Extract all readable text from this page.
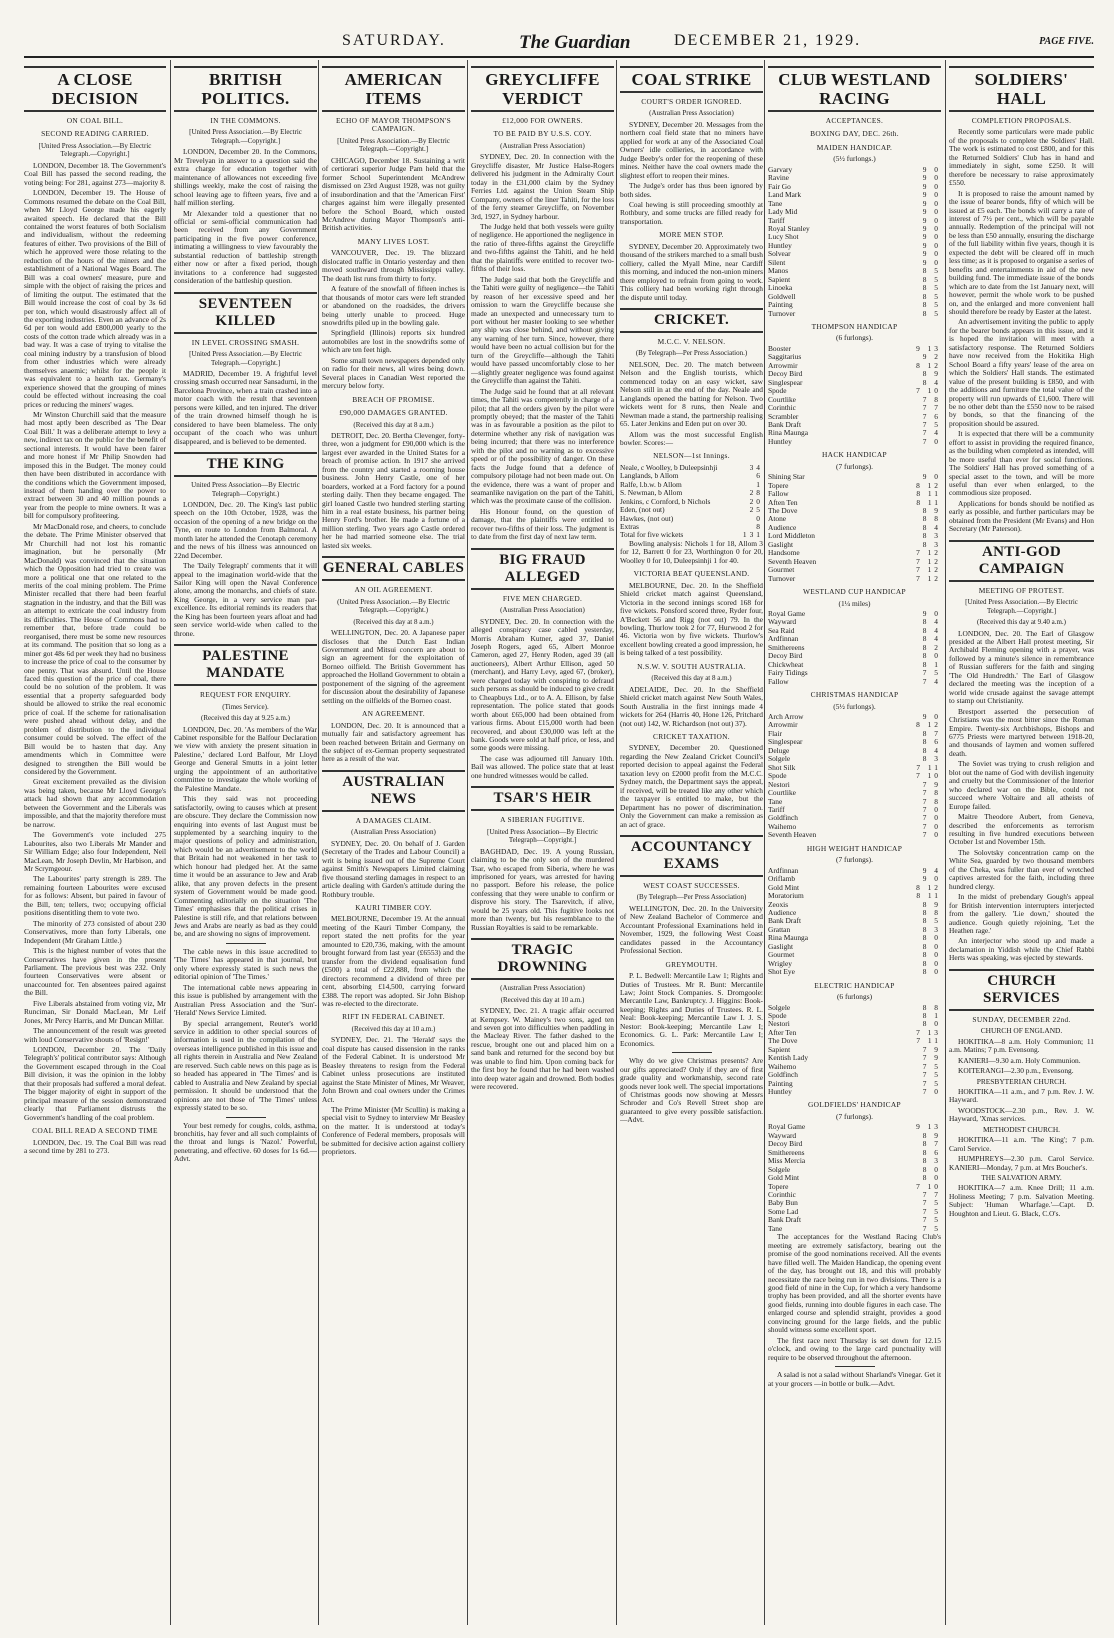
SATURDAY.	The Guardian	DECEMBER 21, 1929.	PAGE FIVE.
A CLOSE DECISION
ON COAL BILL.
SECOND READING CARRIED.
[United Press Association.—By Electric Telegraph.—Copyright.]

LONDON, December 18. The Government's Coal Bill has passed the second reading, the voting being: For 281, against 273—majority 8.

LONDON, December 19. The House of Commons resumed the debate on the Coal Bill, when Mr Lloyd George made his eagerly awaited speech. He declared that the Bill contained the worst features of both Socialism and individualism, without the redeeming features of either. Two provisions of the Bill of which he approved were those relating to the reduction of the hours of the miners and the establishment of a National Wages Board. The Bill was a coal owners' measure, pure and simple with the object of raising the prices and of limiting the output. The estimated that the Bill would increase the cost of coal by 3s 6d per ton, which would disastrously affect all of the exporting industries. Even an advance of 2s 6d per ton would add £800,000 yearly to the costs of the cotton trade which already was in a bad way. It was a case of trying to vitalise the coal mining industry by a transfusion of blood from other industries which were already themselves anaemic; whilst for the people it was equivalent to a hearth tax. Germany's experience showed that the grouping of mines could be effected without increasing the coal prices or reducing the miners' wages.

Mr Winston Churchill said that the measure had most aptly been described as 'The Dear Coal Bill.' It was a deliberate attempt to levy a new, indirect tax on the public for the benefit of sectional interests. It would have been fairer and more honest if Mr Philip Snowden had imposed this in the Budget. The money could then have been distributed in accordance with the conditions which the Government imposed, instead of them handing over the power to extract between 30 and 40 million pounds a year from the people to mine owners. It was a bill for compulsory profiteering.

Mr MacDonald rose, and cheers, to conclude the debate. The Prime Minister observed that Mr Churchill had not lost his romantic imagination, but he personally (Mr MacDonald) was convinced that the situation which the Opposition had tried to create was more a political one that one related to the merits of the coal mining problem. The Prime Minister recalled that there had been fearful stagnation in the industry, and that the Bill was an attempt to extricate the coal industry from its difficulties. The House of Commons had to remember that, before trade could be reorganised, there must be some new resources at its command. The position that so long as a miner got 48s 6d per week they had no business to increase the price of coal to the consumer by one penny. That was absurd. Until the House faced this question of the price of coal, there could be no solution of the problem. It was essential that a property safeguarded body should be allowed to strike the real economic price of coal. If the scheme for rationalisation were pushed ahead without delay, and the problem of distribution to the individual consumer could be solved. The effect of the Bill would be to hasten that day. Any amendments which in Committee were designed to strengthen the Bill would be considered by the Government.

Great excitement prevailed as the division was being taken, because Mr Lloyd George's attack had shown that any accommodation between the Government and the Liberals was impossible, and that the majority therefore must be narrow.

The Government's vote included 275 Labourites, also two Liberals Mr Mander and Sir William Edge; also four Independent, Neil MacLean, Mr Joseph Devlin, Mr Harbison, and Mr Scrymgeour.

The Labourites' party strength is 289. The remaining fourteen Labourites were excused for as follows: Absent, but paired in favour of the Bill, ten; tellers, two; occupying official positions disentitling them to vote two.

The minority of 273 consisted of about 230 Conservatives, more than forty Liberals, one Independent (Mr Graham Little.)

This is the highest number of votes that the Conservatives have given in the present Parliament. The previous best was 232. Only fourteen Conservatives were absent or unaccounted for. Ten absentees paired against the Bill.

Five Liberals abstained from voting viz, Mr Runciman, Sir Donald MacLean, Mr Leif Jones, Mr Percy Harris, and Mr Duncan Millar.

The announcement of the result was greeted with loud Conservative shouts of 'Resign!'

LONDON, December 20. The 'Daily Telegraph's' political contributor says: Although the Government escaped through in the Coal Bill division, it was the opinion in the lobby that their proposals had suffered a moral defeat. The bigger majority of eight in support of the principal measure of the session demonstrated clearly that Parliament distrusts the Government's handling of the coal problem.

COAL BILL READ A SECOND TIME

LONDON, Dec. 19. The Coal Bill was read a second time by 281 to 273.

BRITISH POLITICS.
IN THE COMMONS.
[United Press Association.—By Electric Telegraph.—Copyright.]

LONDON, December 20. In the Commons, Mr Trevelyan in answer to a question said the extra charge for education together with maintenance of allowances not exceeding five shillings weekly, make the cost of raising the school leaving age to fifteen years, five and a half million sterling.

Mr Alexander told a questioner that no official or semi-official communication had been received from any Government participating in the five power conference, intimating a willingness to view favourably the substantial reduction of battleship strength either now or after a fixed period, though invitations to a conference had suggested consideration of the battleship question.

SEVENTEEN KILLED
IN LEVEL CROSSING SMASH.
[United Press Association.—By Electric Telegraph.—Copyright.]

MADRID, December 19. A frightful level crossing smash occurred near Sansadurni, in the Barcelona Province, when a train crashed into a motor coach with the result that seventeen persons were killed, and ten injured. The driver of the train drowned himself though he is considered to have been blameless. The only occupant of the coach who was unhurt disappeared, and is believed to be demented.

THE KING
United Press Association—By Electric Telegraph—Copyright.)

LONDON, Dec. 20. The King's last public speech on the 10th October, 1928, was the occasion of the opening of a new bridge on the Tyne, en route to London from Balmoral. A month later he attended the Cenotaph ceremony and the news of his illness was announced on 22nd December.

The 'Daily Telegraph' comments that it will appeal to the imagination world-wide that the Sailor King will open the Naval Conference alone, among the monarchs, and chiefs of state. King George, in a very service man par-excellence. Its editorial reminds its readers that the King has been fourteen years afloat and had seen service world-wide when called to the throne.

PALESTINE MANDATE
REQUEST FOR ENQUIRY.
(Times Service).
(Received this day at 9.25 a.m.)

LONDON, Dec. 20. 'As members of the War Cabinet responsible for the Balfour Declaration we view with anxiety the present situation in Palestine,' declared Lord Balfour, Mr Lloyd George and General Smutts in a joint letter urging the appointment of an authoritative committee to investigate the whole working of the Palestine Mandate.

This they said was not proceeding satisfactorily, owing to causes which at present are obscure. They declare the Commission now enquiring into events of last August must be supplemented by a searching inquiry to the major questions of policy and administration, which would be an advertisement to the world that Britain had not weakened in her task to which honour had pledged her. At the same time it would be an assurance to Jew and Arab alike, that any proven defects in the present system of Government would be made good. Commenting editorially on the situation 'The Times' emphasises that the political crises in Palestine is still rife, and that relations between Jews and Arabs are nearly as bad as they could be, and are showing no signs of improvement.

The cable news in this issue accredited to 'The Times' has appeared in that journal, but only where expressly stated is such news the editorial opinion of 'The Times.'

The international cable news appearing in this issue is published by arrangement with the Australian Press Association and the 'Sun'-'Herald' News Service Limited.

By special arrangement, Reuter's world service in addition to other special sources of information is used in the compilation of the overseas intelligence published in this issue and all rights therein in Australia and New Zealand are reserved. Such cable news on this page as is so headed has appeared in 'The Times' and is cabled to Australia and New Zealand by special permission. It should be understood that the opinions are not those of 'The Times' unless expressly stated to be so.

Your best remedy for coughs, colds, asthma, bronchitis, hay fever and all such complaints of the throat and lungs is 'Nazol.' Powerful, penetrating, and effective. 60 doses for 1s 6d.—Advt.

AMERICAN ITEMS
ECHO OF MAYOR THOMPSON'S CAMPAIGN.
[United Press Association.—By Electric Telegraph.—Copyright.]

CHICAGO, December 18. Sustaining a writ of certiorari superior Judge Pam held that the former School Superintendent McAndrew dismissed on 23rd August 1928, was not guilty of insubordination and that the 'American First' charges against him were illegally presented before the School Board, which ousted McAndrew during Mayor Thompson's anti-British activities.

MANY LIVES LOST.

VANCOUVER, Dec. 19. The blizzard dislocated traffic in Ontario yesterday and then moved southward through Mississippi valley. The death list runs from thirty to forty.

A feature of the snowfall of fifteen inches is that thousands of motor cars were left stranded or abandoned on the roadsides, the drivers being utterly unable to proceed. Huge snowdrifts piled up in the bowling gale.

Springfield (Illinois) reports six hundred automobiles are lost in the snowdrifts some of which are ten feet high.

Some small town newspapers depended only on radio for their news, all wires being down. Several places in Canadian West reported the mercury below forty.

BREACH OF PROMISE.
£90,000 DAMAGES GRANTED.
(Received this day at 8 a.m.)

DETROIT, Dec. 20. Bertha Clevenger, forty-three, won a judgment for £90,000 which is the largest ever awarded in the United States for a breach of promise action. In 1917 she arrived from the country and started a rooming house business. John Henry Castle, one of her boarders, worked at a Ford factory for a pound sterling daily. Then they became engaged. The girl loaned Castle two hundred sterling starting him in a real estate business, his partner being Henry Ford's brother. He made a fortune of a million sterling. Two years ago Castle ordered her he had married someone else. The trial lasted six weeks.

GENERAL CABLES
AN OIL AGREEMENT.
(United Press Association.—By Electric Telegraph.—Copyright.)
(Received this day at 8 a.m.)

WELLINGTON, Dec. 20. A Japanese paper discloses that the Dutch East Indian Government and Mitsui concern are about to sign an agreement for the exploitation of Borneo oilfield. The British Government has approached the Holland Government to obtain a postponement of the signing of the agreement for discussion about the desirability of Japanese settling on the oilfields of the Borneo coast.

AN AGREEMENT.

LONDON, Dec. 20. It is announced that a mutually fair and satisfactory agreement has been reached between Britain and Germany on the subject of ex-German property sequestrated here as a result of the war.

AUSTRALIAN NEWS
A DAMAGES CLAIM.
(Australian Press Association)

SYDNEY, Dec. 20. On behalf of J. Garden (Secretary of the Trades and Labour Council) a writ is being issued out of the Supreme Court against Smith's Newspapers Limited claiming five thousand sterling damages in respect to an article dealing with Garden's attitude during the Rothbury trouble.

KAURI TIMBER COY.

MELBOURNE, December 19. At the annual meeting of the Kauri Timber Company, the report stated the nett profits for the year amounted to £20,736, making, with the amount brought forward from last year (£6553) and the transfer from the dividend equalisation fund (£500) a total of £22,888, from which the directors recommend a dividend of three per cent, absorbing £14,500, carrying forward £388. The report was adopted. Sir John Bishop was re-elected to the directorate.

RIFT IN FEDERAL CABINET.
(Received this day at 10 a.m.)

SYDNEY, Dec. 21. The 'Herald' says the coal dispute has caused dissension in the ranks of the Federal Cabinet. It is understood Mr Beasley threatens to resign from the Federal Cabinet unless prosecutions are instituted against the State Minister of Mines, Mr Weaver, John Brown and coal owners under the Crimes Act.

The Prime Minister (Mr Scullin) is making a special visit to Sydney to interview Mr Beasley on the matter. It is understood at today's Conference of Federal members, proposals will be submitted for decisive action against colliery proprietors.

GREYCLIFFE VERDICT
£12,000 FOR OWNERS.
TO BE PAID BY U.S.S. COY.
(Australian Press Association)

SYDNEY, Dec. 20. In connection with the Greycliffe disaster, Mr Justice Halse-Rogers delivered his judgment in the Admiralty Court today in the £31,000 claim by the Sydney Ferries Ltd. against the Union Steam Ship Company, owners of the liner Tahiti, for the loss of the ferry steamer Greycliffe, on November 3rd, 1927, in Sydney harbour.

The Judge held that both vessels were guilty of negligence. He apportioned the negligence in the ratio of three-fifths against the Greycliffe and two-fifths against the Tahiti, and he held that the plaintiffs were entitled to recover two-fifths of their loss.

The Judge said that both the Greycliffe and the Tahiti were guilty of negligence—the Tahiti by reason of her excessive speed and her omission to warn the Greycliffe because she made an unexpected and unnecessary turn to port without her master looking to see whether any ship was close behind, and without giving any warning of her turn. Since, however, there would have been no actual collision but for the turn of the Greycliffe—although the Tahiti would have passed uncomfortably close to her—slightly greater negligence was found against the Greycliffe than against the Tahiti.

The Judge said he found that at all relevant times, the Tahiti was competently in charge of a pilot; that all the orders given by the pilot were promptly obeyed; that the master of the Tahiti was in as favourable a position as the pilot to determine whether any risk of navigation was being incurred; that there was no interference with the pilot and no warning as to excessive speed or of the possibility of danger. On these facts the Judge found that a defence of compulsory pilotage had not been made out. On the evidence, there was a want of proper and seamanlike navigation on the part of the Tahiti, which was the proximate cause of the collision.

His Honour found, on the question of damage, that the plaintiffs were entitled to recover two-fifths of their loss. The judgment is to date from the first day of next law term.

BIG FRAUD ALLEGED
FIVE MEN CHARGED.
(Australian Press Association)

SYDNEY, Dec. 20. In connection with the alleged conspiracy case cabled yesterday, Morris Abraham Kutner, aged 37, Daniel Joseph Rogers, aged 65, Albert Monroe Cameron, aged 27, Henry Roden, aged 39 (all auctioneers), Albert Arthur Ellison, aged 50 (merchant), and Harry Levy, aged 67, (broker), were charged today with conspiring to defraud such persons as should be induced to give credit to Cheapbuys Ltd., or to A. A. Ellison, by false representation. The police stated that goods worth about £65,000 had been obtained from various firms. About £15,000 worth had been recovered, and about £30,000 was left at the bank. Goods were sold at half price, or less, and some goods were missing.

The case was adjourned till January 10th. Bail was allowed. The police state that at least one hundred witnesses would be called.

TSAR'S HEIR
A SIBERIAN FUGITIVE.
[United Press Association—By Electric Telegraph—Copyright.]

BAGHDAD, Dec. 19. A young Russian, claiming to be the only son of the murdered Tsar, who escaped from Siberia, where he was imprisoned for years, was arrested for having no passport. Before his release, the police confessing that they were unable to confirm or disprove his story. The Tsarevitch, if alive, would be 25 years old. This fugitive looks not more than twenty, but his resemblance to the Russian Royalties is said to be remarkable.

TRAGIC DROWNING
(Australian Press Association)
(Received this day at 10 a.m.)

SYDNEY, Dec. 21. A tragic affair occurred at Kempsey. W. Mainey's two sons, aged ten and seven got into difficulties when paddling in the Macleay River. The father dashed to the rescue, brought one out and placed him on a sand bank and returned for the second boy but was unable to find him. Upon coming back for the first boy he found that he had been washed into deep water again and drowned. Both bodies were recovered.

COAL STRIKE
COURT'S ORDER IGNORED.
(Australian Press Association)

SYDNEY, December 20. Messages from the northern coal field state that no miners have applied for work at any of the Associated Coal Owners' idle collieries, in accordance with Judge Beeby's order for the reopening of these mines. Neither have the coal owners made the slightest effort to reopen their mines.

The Judge's order has thus been ignored by both sides.

Coal hewing is still proceeding smoothly at Rothbury, and some trucks are filled ready for transportation.

MORE MEN STOP.

SYDNEY, December 20. Approximately two thousand of the strikers marched to a small bush colliery, called the Myall Mine, near Cardiff this morning, and induced the non-union miners there employed to refrain from going to work. This colliery had been working right through the dispute until today.

CRICKET.
M.C.C. V. NELSON.
(By Telegraph—Per Press Association.)

NELSON, Dec. 20. The match between Nelson and the English tourists, which commenced today on an easy wicket, saw Nelson still in at the end of the day. Neale and Langlands opened the batting for Nelson. Two wickets went for 8 runs, then Neale and Newman made a stand, the partnership realising 65. Later Jenkins and Eden put on over 30.

Allom was the most successful English bowler. Scores:—

NELSON—1st Innings.
Neale, c Woolley, b Duleepsinhji	34
Langlands, b Allom	6
Ralfe, l.b.w. b Allom	1
S. Newman, b Allom	28
Jenkins, c Cornford, b Nichols	20
Eden, (not out)	25
Hawkes, (not out)	0
Extras	8
Total for five wickets	131

Bowling analysis: Nichols 1 for 18, Allom 3 for 12, Barrett 0 for 23, Worthington 0 for 20, Woolley 0 for 10, Duleepsinhji 1 for 40.

VICTORIA BEAT QUEENSLAND.

MELBOURNE, Dec. 20. In the Sheffield Shield cricket match against Queensland, Victoria in the second innings scored 168 for five wickets. Ponsford scored three, Ryder four, A'Beckett 56 and Rigg (not out) 79. In the bowling, Thurlow took 2 for 77, Hurwood 2 for 46. Victoria won by five wickets. Thurlow's excellent bowling created a good impression, he is being talked of a test possibility.

N.S.W. V. SOUTH AUSTRALIA.
(Received this day at 8 a.m.)

ADELAIDE, Dec. 20. In the Sheffield Shield cricket match against New South Wales, South Australia in the first innings made 4 wickets for 264 (Harris 40, Hone 126, Pritchard (not out) 142, W. Richardson (not out) 37).

CRICKET TAXATION.

SYDNEY, December 20. Questioned regarding the New Zealand Cricket Council's reported decision to appeal against the Federal taxation levy on £2000 profit from the M.C.C. Sydney match, the Department says the appeal, if received, will be treated like any other which the taxpayer is entitled to make, but the Department has no power of discrimination. Only the Government can make a remission as an act of grace.

ACCOUNTANCY EXAMS
WEST COAST SUCCESSES.
(By Telegraph—Per Press Association)

WELLINGTON, Dec. 20. In the University of New Zealand Bachelor of Commerce and Accountant Professional Examinations held in November, 1929, the following West Coast candidates passed in the Accountancy Professional Section.

GREYMOUTH.

P. L. Bedwell: Mercantile Law 1; Rights and Duties of Trustees. Mr R. Bunt: Mercantile Law; Joint Stock Companies. S. Dromgoole: Mercantile Law, Bankruptcy. J. Higgins: Book-keeping; Rights and Duties of Trustees. R. L. Neal: Book-keeping; Mercantile Law I. J. S. Nestor: Book-keeping; Mercantile Law I; Economics. G. L. Park: Mercantile Law I; Economics.

Why do we give Christmas presents? Are our gifts appreciated? Only if they are of first grade quality and workmanship, second rate goods never look well. The special importations of Christmas goods now showing at Messrs Schroder and Co's Revell Street shop are guaranteed to give every possible satisfaction.—Advt.

CLUB WESTLAND RACING
ACCEPTANCES.
BOXING DAY, DEC. 26th.
MAIDEN HANDICAP.
(5½ furlongs.)
Garvary	9 0
Ravine	9 0
Fair Go	9 0
Land Mark	9 0
Tane	9 0
Lady Mid	9 0
Tariff	9 0
Royal Stanley	9 0
Lucy Shot	9 0
Huntley	9 0
Solvear	9 0
Silent	9 0
Manos	8 5
Sapient	8 5
Linoeka	8 5
Goldwell	8 5
Painting	8 5
Turnover	8 5
THOMPSON HANDICAP
(6 furlongs).
Booster	9 13
Saggitarius	9 2
Arrowmir	8 12
Decoy Bird	8 9
Singlespear	8 4
Spode	7 10
Courtlike	7 8
Corinthic	7 7
Scrambler	7 6
Bank Draft	7 5
Rina Maunga	7 4
Huntley	7 0
HACK HANDICAP
(7 furlongs).
Shining Star	9 0
Topere	8 12
Fallow	8 11
Aften Ten	8 11
The Dove	8 9
Atone	8 8
Audience	8 4
Lord Middleton	8 3
Gaslight	8 3
Handsome	7 12
Seventh Heaven	7 12
Gourmet	7 12
Turnover	7 12
WESTLAND CUP HANDICAP
(1¼ miles)
Royal Game	9 0
Wayward	8 4
Sea Raid	8 4
Ardfinnan	8 4
Smithereens	8 2
Decoy Bird	8 0
Chickwheat	8 1
Fairy Tidings	7 5
Fallow	7 4
CHRISTMAS HANDICAP
(5½ furlongs).
Arch Arrow	9 0
Arrowmir	8 12
Flair	8 7
Singlespear	8 6
Deluge	8 4
Solgele	8 3
Shot Silk	7 11
Spode	7 10
Nestori	7 9
Courtlike	7 8
Tane	7 8
Tariff	7 0
Goldfinch	7 0
Waihemo	7 0
Seventh Heaven	7 0
HIGH WEIGHT HANDICAP
(7 furlongs).
Ardfinnan	9 4
Oriflamb	9 0
Gold Mint	8 12
Moratorium	8 11
Zeoxis	8 9
Audience	8 8
Bank Draft	8 5
Grattan	8 3
Rina Maunga	8 0
Gaslight	8 0
Gourmet	8 0
Wrigley	8 0
Shot Eye	8 0
ELECTRIC HANDICAP
(6 furlongs)
Solgele	8 8
Spode	8 1
Nestori	8 0
After Ten	7 13
The Dove	7 11
Sapient	7 9
Kentish Lady	7 9
Waihemo	7 5
Goldfinch	7 5
Painting	7 5
Huntley	7 0
GOLDFIELDS' HANDICAP
(7 furlongs).
Royal Game	9 13
Wayward	8 9
Decoy Bird	8 7
Smithereens	8 6
Miss Mercia	8 3
Solgele	8 0
Gold Mint	8 0
Topere	7 10
Corinthic	7 7
Baby Bun	7 5
Some Lad	7 5
Bank Draft	7 5
Tane	7 5

The acceptances for the Westland Racing Club's meeting are extremely satisfactory, bearing out the promise of the good nominations received. All the events have filled well. The Maiden Handicap, the opening event of the day, has brought out 18, and this will probably necessitate the race being run in two divisions. There is a good field of nine in the Cup, for which a very handsome trophy has been provided, and all the shorter events have good fields, running into double figures in each case. The enlarged course and splendid straight, provides a good convincing ground for the large fields, and the public should witness some excellent sport.

The first race next Thursday is set down for 12.15 o'clock, and owing to the large card punctuality will require to be observed throughout the afternoon.

A salad is not a salad without Sharland's Vinegar. Get it at your grocers —in bottle or bulk.—Advt.

SOLDIERS' HALL
COMPLETION PROPOSALS.

Recently some particulars were made public of the proposals to complete the Soldiers' Hall. The work is estimated to cost £800, and for this the Returned Soldiers' Club has in hand and immediately in sight, some £250. It will therefore be necessary to raise approximately £550.

It is proposed to raise the amount named by the issue of bearer bonds, fifty of which will be issued at £5 each. The bonds will carry a rate of interest of 7½ per cent., which will be payable annually. Redemption of the principal will not be less than £50 annually, ensuring the discharge of the full liability within five years, though it is expected the debt will be cleared off in much less time; as it is proposed to organise a series of benefits and entertainments in aid of the new building fund. The immediate issue of the bonds which are to date from the 1st January next, will however, permit the whole work to be pushed on, and the enlarged and more convenient hall should therefore be ready by Easter at the latest.

An advertisement inviting the public to apply for the bearer bonds appears in this issue, and it is hoped the invitation will meet with a satisfactory response. The Returned Soldiers have now received from the Hokitika High School Board a fifty years' lease of the area on which the Soldiers' Hall stands. The estimated value of the present building is £850, and with the additions and furniture the total value of the property will run upwards of £1,600. There will be no other debt than the £550 now to be raised by bonds, so that the financing of the proposition should be assured.

It is expected that there will be a community effort to assist in providing the required finance, as the building when completed as intended, will be more useful than ever for social functions. The Soldiers' Hall has proved something of a special asset to the town, and will be more useful than ever when enlarged, to the commodious size proposed.

Applications for bonds should be notified as early as possible, and further particulars may be obtained from the President (Mr Evans) and Hon Secretary (Mr Paterson).

ANTI-GOD CAMPAIGN
MEETING OF PROTEST.
[United Press Association.—By Electric Telegraph.—Copyright.]
(Received this day at 9.40 a.m.)

LONDON, Dec. 20. The Earl of Glasgow presided at the Albert Hall protest meeting, Sir Archibald Fleming opening with a prayer, was followed by a minute's silence in remembrance of Russian sufferers for the faith and singing 'The Old Hundredth.' The Earl of Glasgow declared the meeting was the inception of a world wide crusade against the savage attempt to stamp out Christianity.

Brestport asserted the persecution of Christians was the most bitter since the Roman Empire. Twenty-six Archbishops, Bishops and 6775 Priests were martyred between 1918-20, and thousands of laymen and women suffered death.

The Soviet was trying to crush religion and blot out the name of God with devilish ingenuity and cruelty but the Commissioner of the Interior who declared war on the Bible, could not succeed where Voltaire and all atheists of Europe failed.

Maitre Theodore Aubert, from Geneva, described the enforcements as terrorism resulting in five hundred executions between October 1st and November 15th.

The Solovtsky concentration camp on the White Sea, guarded by two thousand members of the Cheka, was fuller than ever of wretched captives arrested for the faith, including three hundred clergy.

In the midst of prebendary Gough's appeal for British intervention interrupters interjected from the gallery. 'Lie down,' shouted the audience. Gough quietly rejoining, 'Let the Heathen rage.'

An interjector who stood up and made a declamation in Yiddish while the Chief Rabbi Herts was speaking, was ejected by stewards.

CHURCH SERVICES
SUNDAY, DECEMBER 22nd.
CHURCH OF ENGLAND.

HOKITIKA—8 a.m. Holy Communion; 11 a.m. Matins; 7 p.m. Evensong.

KANIERI—9.30 a.m. Holy Communion.

KOITERANGI—2.30 p.m., Evensong.

PRESBYTERIAN CHURCH.

HOKITIKA—11 a.m., and 7 p.m. Rev. J. W. Hayward.

WOODSTOCK—2.30 p.m., Rev. J. W. Hayward, 'Xmas services.

METHODIST CHURCH.

HOKITIKA—11 a.m. 'The King'; 7 p.m. Carol Service.

HUMPHREYS—2.30 p.m. Carol Service. KANIERI—Monday, 7 p.m. at Mrs Boucher's.

THE SALVATION ARMY.

HOKITIKA—7 a.m. Knee Drill; 11 a.m. Holiness Meeting; 7 p.m. Salvation Meeting. Subject: 'Human Wharfage.'—Capt. D. Houghton and Lieut. G. Black, C.O's.
